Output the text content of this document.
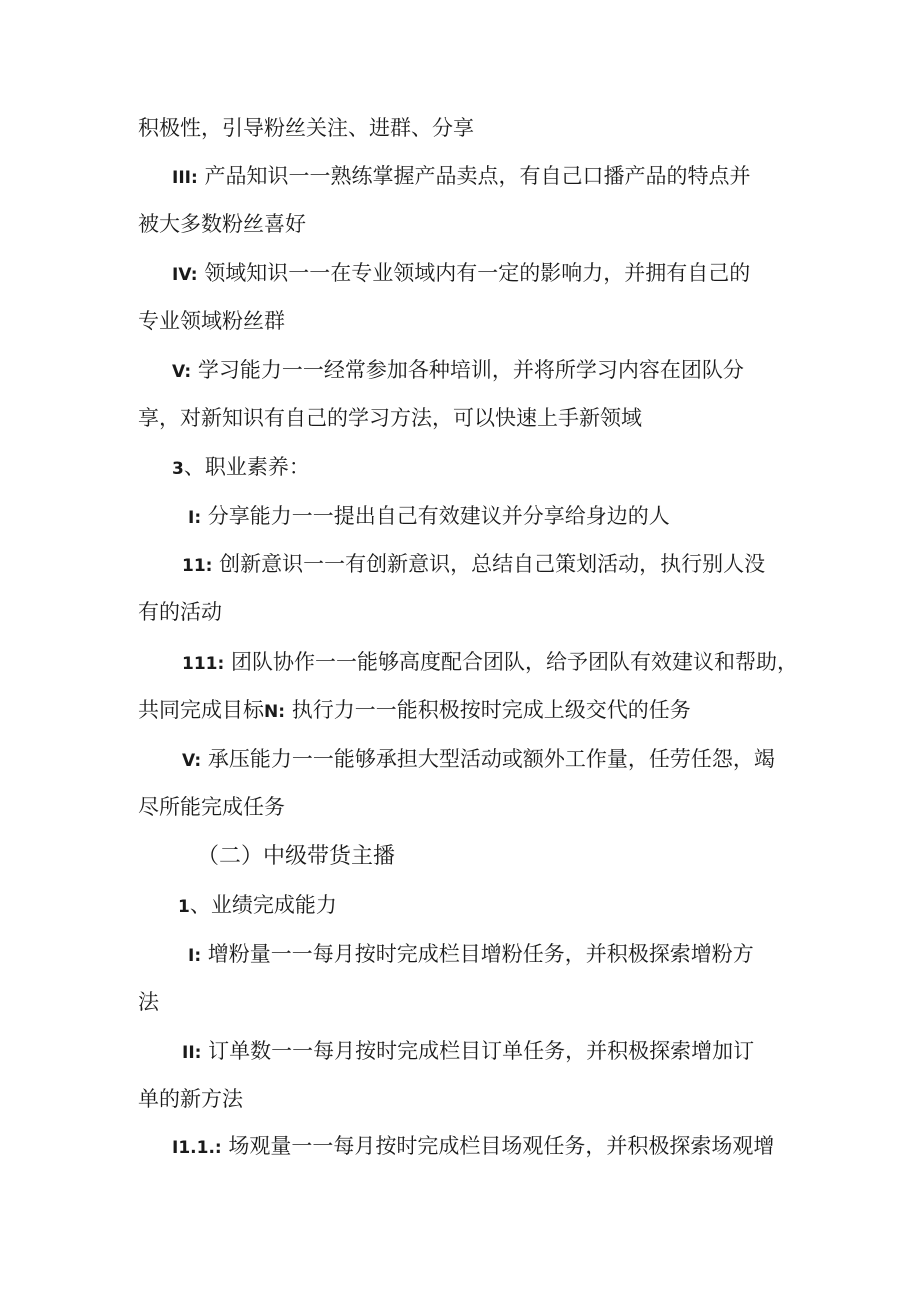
积极性，引导粉丝关注、进群、分享
III: 产品知识一一熟练掌握产品卖点，有自己口播产品的特点并
被大多数粉丝喜好
IV: 领域知识一一在专业领域内有一定的影响力，并拥有自己的
专业领域粉丝群
V: 学习能力一一经常参加各种培训，并将所学习内容在团队分
享，对新知识有自己的学习方法，可以快速上手新领域
3、职业素养：
I: 分享能力一一提出自己有效建议并分享给身边的人
11: 创新意识一一有创新意识，总结自己策划活动，执行别人没
有的活动
111: 团队协作一一能够高度配合团队，给予团队有效建议和帮助，
共同完成目标N: 执行力一一能积极按时完成上级交代的任务
V: 承压能力一一能够承担大型活动或额外工作量，任劳任怨，竭
尽所能完成任务
（二）中级带货主播
1、业绩完成能力
I: 增粉量一一每月按时完成栏目增粉任务，并积极探索增粉方
法
II: 订单数一一每月按时完成栏目订单任务，并积极探索增加订
单的新方法
I1.1.: 场观量一一每月按时完成栏目场观任务，并积极探索场观增
